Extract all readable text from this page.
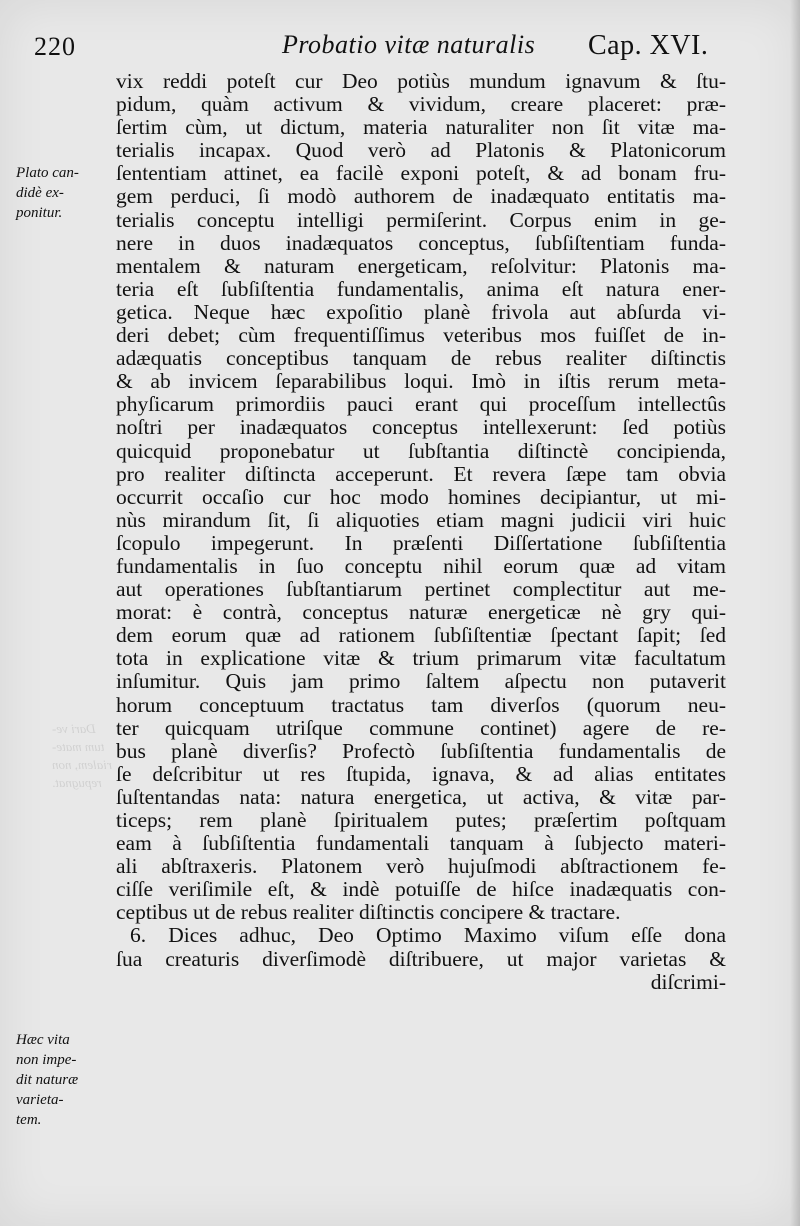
220	Probatio vitæ naturalis Cap. XVI.
Plato can-
didè ex-
ponitur.
Hæc vita
non impe-
dit naturæ
varieta-
tem.
Dari ve-
tum mate-
rialem, non
repugnat.
vix reddi poteſt cur Deo potiùs mundum ignavum & ſtu-
pidum, quàm activum & vividum, creare placeret: præ-
ſertim cùm, ut dictum, materia naturaliter non ſit vitæ ma-
terialis incapax. Quod verò ad Platonis & Platonicorum
ſententiam attinet, ea facilè exponi poteſt, & ad bonam fru-
gem perduci, ſi modò authorem de inadæquato entitatis ma-
terialis conceptu intelligi permiſerint. Corpus enim in ge-
nere in duos inadæquatos conceptus, ſubſiſtentiam funda-
mentalem & naturam energeticam, reſolvitur: Platonis ma-
teria eſt ſubſiſtentia fundamentalis, anima eſt natura ener-
getica. Neque hæc expoſitio planè frivola aut abſurda vi-
deri debet; cùm frequentiſſimus veteribus mos fuiſſet de in-
adæquatis conceptibus tanquam de rebus realiter diſtinctis
& ab invicem ſeparabilibus loqui. Imò in iſtis rerum meta-
phyſicarum primordiis pauci erant qui proceſſum intellectûs
noſtri per inadæquatos conceptus intellexerunt: ſed potiùs
quicquid proponebatur ut ſubſtantia diſtinctè concipienda,
pro realiter diſtincta acceperunt. Et revera ſæpe tam obvia
occurrit occaſio cur hoc modo homines decipiantur, ut mi-
nùs mirandum ſit, ſi aliquoties etiam magni judicii viri huic
ſcopulo impegerunt. In præſenti Diſſertatione ſubſiſtentia
fundamentalis in ſuo conceptu nihil eorum quæ ad vitam
aut operationes ſubſtantiarum pertinet complectitur aut me-
morat: è contrà, conceptus naturæ energeticæ nè gry qui-
dem eorum quæ ad rationem ſubſiſtentiæ ſpectant ſapit; ſed
tota in explicatione vitæ & trium primarum vitæ facultatum
inſumitur. Quis jam primo ſaltem aſpectu non putaverit
horum conceptuum tractatus tam diverſos (quorum neu-
ter quicquam utriſque commune continet) agere de re-
bus planè diverſis? Profectò ſubſiſtentia fundamentalis de
ſe deſcribitur ut res ſtupida, ignava, & ad alias entitates
ſuſtentandas nata: natura energetica, ut activa, & vitæ par-
ticeps; rem planè ſpiritualem putes; præſertim poſtquam
eam à ſubſiſtentia fundamentali tanquam à ſubjecto materi-
ali abſtraxeris. Platonem verò hujuſmodi abſtractionem fe-
ciſſe veriſimile eſt, & indè potuiſſe de hiſce inadæquatis con-
ceptibus ut de rebus realiter diſtinctis concipere & tractare.
6. Dices adhuc, Deo Optimo Maximo viſum eſſe dona
ſua creaturis diverſimodè diſtribuere, ut major varietas &
diſcrimi-
